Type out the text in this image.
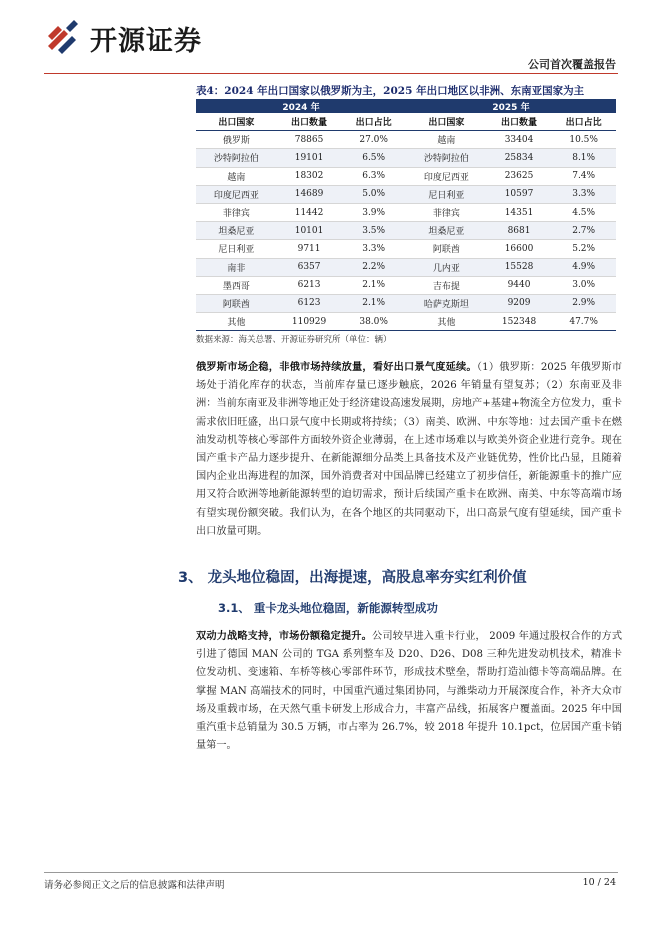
开源证券
公司首次覆盖报告
表4：2024 年出口国家以俄罗斯为主，2025 年出口地区以非洲、东南亚国家为主
2024 年			2025 年		
出口国家	出口数量	出口占比	出口国家	出口数量	出口占比
俄罗斯	78865	27.0%	越南	33404	10.5%
沙特阿拉伯	19101	6.5%	沙特阿拉伯	25834	8.1%
越南	18302	6.3%	印度尼西亚	23625	7.4%
印度尼西亚	14689	5.0%	尼日利亚	10597	3.3%
菲律宾	11442	3.9%	菲律宾	14351	4.5%
坦桑尼亚	10101	3.5%	坦桑尼亚	8681	2.7%
尼日利亚	9711	3.3%	阿联酋	16600	5.2%
南非	6357	2.2%	几内亚	15528	4.9%
墨西哥	6213	2.1%	吉布提	9440	3.0%
阿联酋	6123	2.1%	哈萨克斯坦	9209	2.9%
其他	110929	38.0%	其他	152348	47.7%
数据来源：海关总署、开源证券研究所（单位：辆）
俄罗斯市场企稳，非俄市场持续放量，看好出口景气度延续。（1）俄罗斯：2025 年俄罗斯市场处于消化库存的状态，当前库存量已逐步触底，2026 年销量有望复苏；（2）东南亚及非洲：当前东南亚及非洲等地正处于经济建设高速发展期，房地产+基建+物流全方位发力，重卡需求依旧旺盛，出口景气度中长期或将持续；（3）南美、欧洲、中东等地：过去国产重卡在燃油发动机等核心零部件方面较外资企业薄弱，在上述市场难以与欧美外资企业进行竞争。现在国产重卡产品力逐步提升、在新能源细分品类上具备技术及产业链优势，性价比凸显，且随着国内企业出海进程的加深，国外消费者对中国品牌已经建立了初步信任，新能源重卡的推广应用又符合欧洲等地新能源转型的迫切需求，预计后续国产重卡在欧洲、南美、中东等高端市场有望实现份额突破。我们认为，在各个地区的共同驱动下，出口高景气度有望延续，国产重卡出口放量可期。
3、 龙头地位稳固，出海提速，高股息率夯实红利价值
3.1、 重卡龙头地位稳固，新能源转型成功
双动力战略支持，市场份额稳定提升。公司较早进入重卡行业， 2009 年通过股权合作的方式引进了德国 MAN 公司的 TGA 系列整车及 D20、D26、D08 三种先进发动机技术，精准卡位发动机、变速箱、车桥等核心零部件环节，形成技术壁垒，帮助打造汕德卡等高端品牌。在掌握 MAN 高端技术的同时，中国重汽通过集团协同，与潍柴动力开展深度合作，补齐大众市场及重载市场，在天然气重卡研发上形成合力，丰富产品线，拓展客户覆盖面。2025 年中国重汽重卡总销量为 30.5 万辆，市占率为 26.7%，较 2018 年提升 10.1pct，位居国产重卡销量第一。
请务必参阅正文之后的信息披露和法律声明	10 / 24
